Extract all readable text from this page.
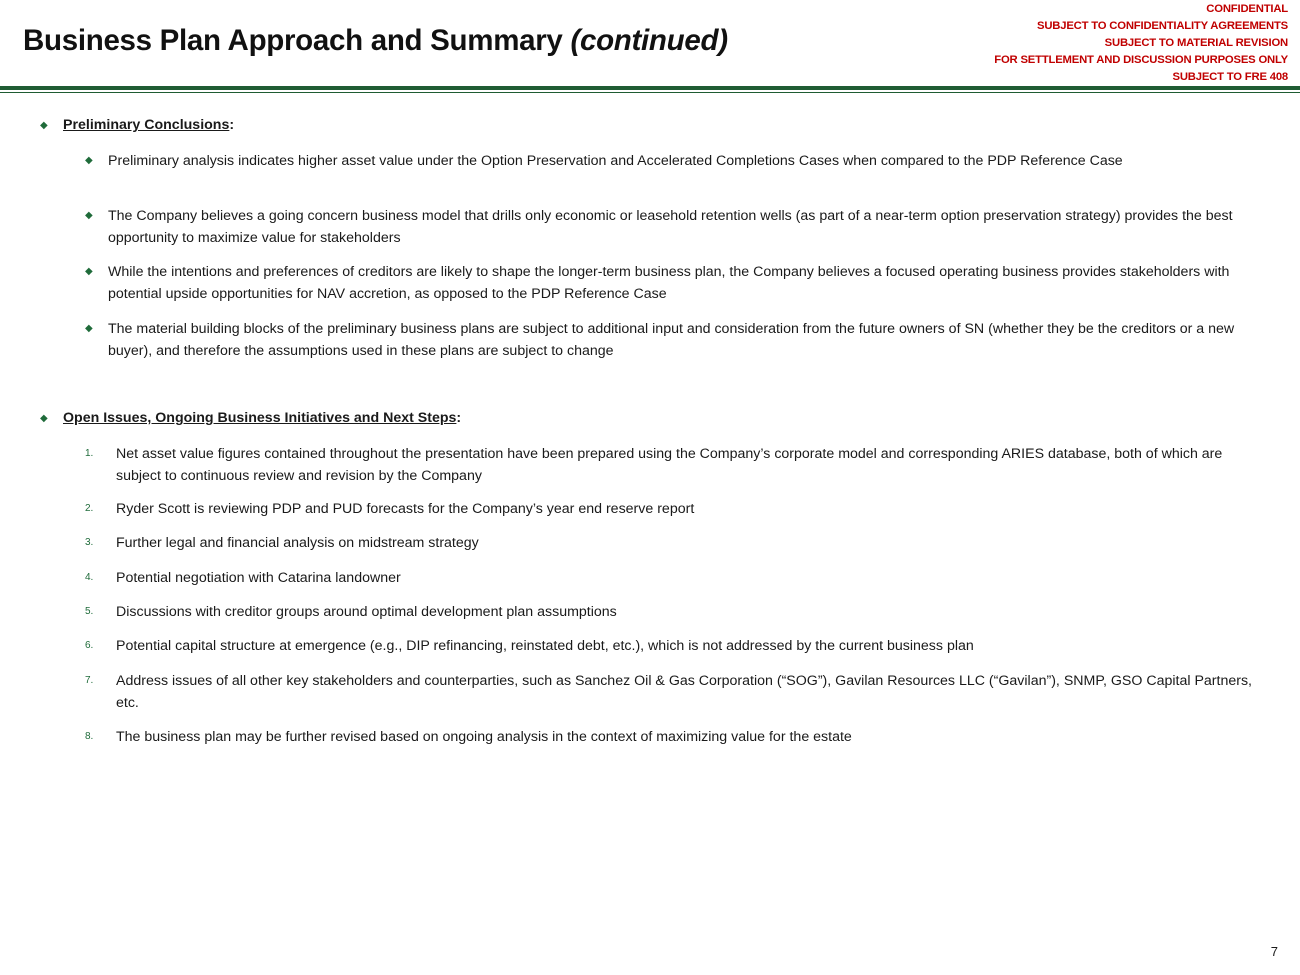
Business Plan Approach and Summary (continued)
CONFIDENTIAL
SUBJECT TO CONFIDENTIALITY AGREEMENTS
SUBJECT TO MATERIAL REVISION
FOR SETTLEMENT AND DISCUSSION PURPOSES ONLY
SUBJECT TO FRE 408
◆ Preliminary Conclusions:
◆	Preliminary analysis indicates higher asset value under the Option Preservation and Accelerated Completions Cases when compared to the PDP Reference Case
◆	The Company believes a going concern business model that drills only economic or leasehold retention wells (as part of a near-term option preservation strategy) provides the best opportunity to maximize value for stakeholders
◆	While the intentions and preferences of creditors are likely to shape the longer-term business plan, the Company believes a focused operating business provides stakeholders with potential upside opportunities for NAV accretion, as opposed to the PDP Reference Case
◆	The material building blocks of the preliminary business plans are subject to additional input and consideration from the future owners of SN (whether they be the creditors or a new buyer), and therefore the assumptions used in these plans are subject to change
◆ Open Issues, Ongoing Business Initiatives and Next Steps:
1.	Net asset value figures contained throughout the presentation have been prepared using the Company’s corporate model and corresponding ARIES database, both of which are subject to continuous review and revision by the Company
2.	Ryder Scott is reviewing PDP and PUD forecasts for the Company’s year end reserve report
3.	Further legal and financial analysis on midstream strategy
4.	Potential negotiation with Catarina landowner
5.	Discussions with creditor groups around optimal development plan assumptions
6.	Potential capital structure at emergence (e.g., DIP refinancing, reinstated debt, etc.), which is not addressed by the current business plan
7.	Address issues of all other key stakeholders and counterparties, such as Sanchez Oil & Gas Corporation (“SOG”), Gavilan Resources LLC (“Gavilan”), SNMP, GSO Capital Partners, etc.
8.	The business plan may be further revised based on ongoing analysis in the context of maximizing value for the estate
7
